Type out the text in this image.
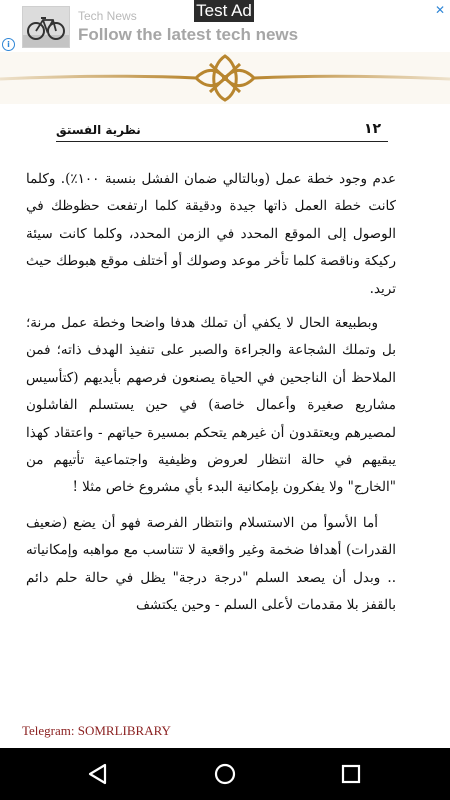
i
Tech News
Follow the latest tech news
Test Ad	✕
١٢
نظرية الفستق

عدم وجود خطة عمل (وبالتالي ضمان الفشل بنسبة ١٠٠٪). وكلما كانت خطة العمل ذاتها جيدة ودقيقة كلما ارتفعت حظوظك في الوصول إلى الموقع المحدد في الزمن المحدد، وكلما كانت سيئة ركيكة وناقصة كلما تأخر موعد وصولك أو أختلف موقع هبوطك حيث تريد.

وبطبيعة الحال لا يكفي أن تملك هدفا واضحا وخطة عمل مرنة؛ بل وتملك الشجاعة والجراءة والصبر على تنفيذ الهدف ذاته؛ فمن الملاحظ أن الناجحين في الحياة يصنعون فرصهم بأيديهم (كتأسيس مشاريع صغيرة وأعمال خاصة) في حين يستسلم الفاشلون لمصيرهم ويعتقدون أن غيرهم يتحكم بمسيرة حياتهم - واعتقاد كهذا يبقيهم في حالة انتظار لعروض وظيفية واجتماعية تأتيهم من "الخارج" ولا يفكرون بإمكانية البدء بأي مشروع خاص مثلا !

أما الأسوأ من الاستسلام وانتظار الفرصة فهو أن يضع (ضعيف القدرات) أهدافا ضخمة وغير واقعية لا تتناسب مع مواهبه وإمكانياته .. وبدل أن يصعد السلم "درجة درجة" يظل في حالة حلم دائم بالقفز بلا مقدمات لأعلى السلم - وحين يكتشف

Telegram: SOMRLIBRARY
